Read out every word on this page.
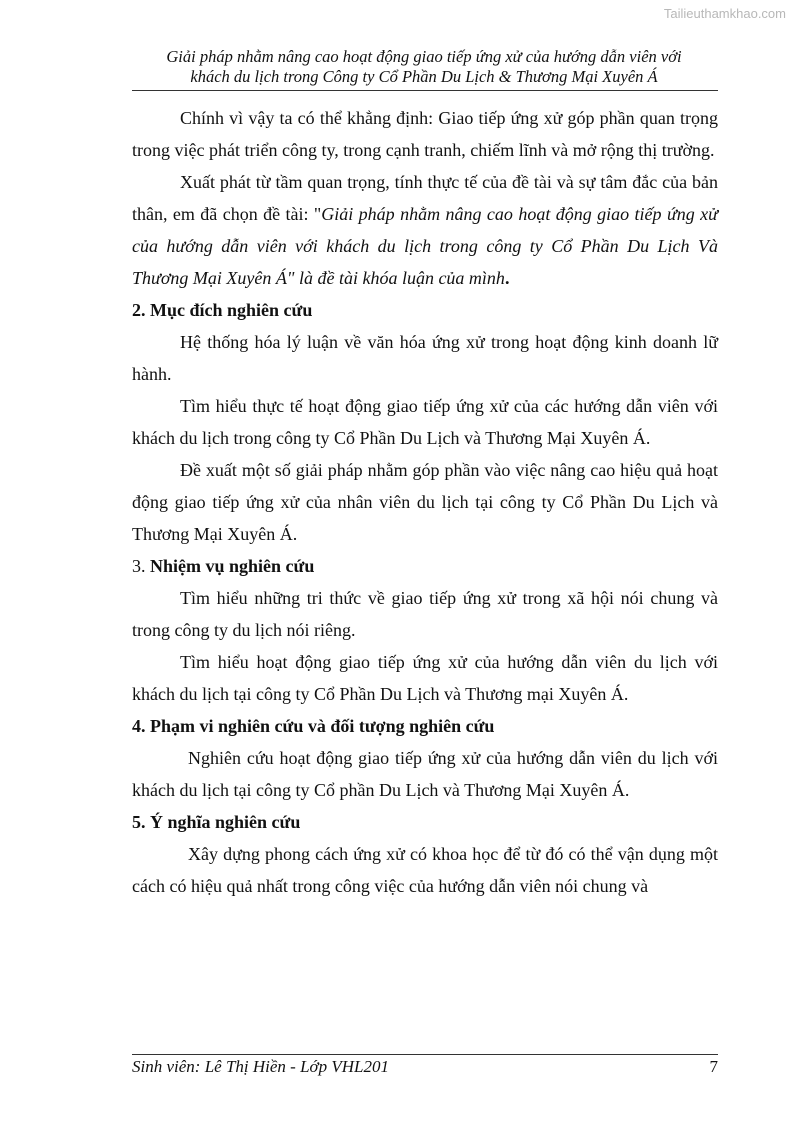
Tailieuthamkhao.com
Giải pháp nhằm nâng cao hoạt động giao tiếp ứng xử của hướng dẫn viên với
khách du lịch trong Công ty Cổ Phần Du Lịch & Thương Mại Xuyên Á

Chính vì vậy ta có thể khẳng định: Giao tiếp ứng xử góp phần quan trọng trong việc phát triển công ty, trong cạnh tranh, chiếm lĩnh và mở rộng thị trường.

Xuất phát từ tầm quan trọng, tính thực tế của đề tài và sự tâm đắc của bản thân, em đã chọn đề tài: "Giải pháp nhằm nâng cao hoạt động giao tiếp ứng xử của hướng dẫn viên với khách du lịch trong công ty Cổ Phần Du Lịch Và Thương Mại Xuyên Á" là đề tài khóa luận của mình.

2. Mục đích nghiên cứu

Hệ thống hóa lý luận về văn hóa ứng xử trong hoạt động kinh doanh lữ hành.

Tìm hiểu thực tế hoạt động giao tiếp ứng xử của các hướng dẫn viên với khách du lịch trong công ty Cổ Phần Du Lịch và Thương Mại Xuyên Á.

Đề xuất một số giải pháp nhằm góp phần vào việc nâng cao hiệu quả hoạt động giao tiếp ứng xử của nhân viên du lịch tại công ty Cổ Phần Du Lịch và Thương Mại Xuyên Á.

3. Nhiệm vụ nghiên cứu

Tìm hiểu những tri thức về giao tiếp ứng xử trong xã hội nói chung và trong công ty du lịch nói riêng.

Tìm hiểu hoạt động giao tiếp ứng xử của hướng dẫn viên du lịch với khách du lịch tại công ty Cổ Phần Du Lịch và Thương mại Xuyên Á.

4. Phạm vi nghiên cứu và đối tượng nghiên cứu

Nghiên cứu hoạt động giao tiếp ứng xử của hướng dẫn viên du lịch với khách du lịch tại công ty Cổ phần Du Lịch và Thương Mại Xuyên Á.

5. Ý nghĩa nghiên cứu

Xây dựng phong cách ứng xử có khoa học để từ đó có thể vận dụng một cách có hiệu quả nhất trong công việc của hướng dẫn viên nói chung và

Sinh viên: Lê Thị Hiền - Lớp VHL201	7
